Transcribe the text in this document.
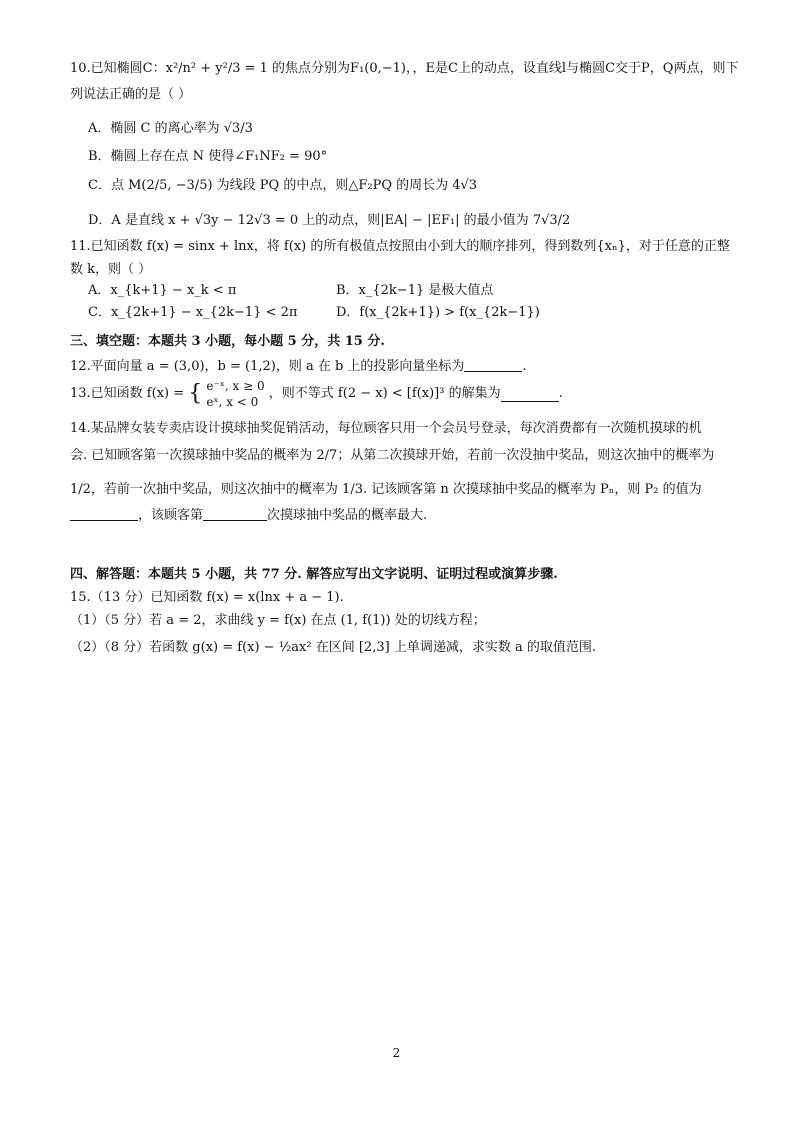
10.已知椭圆C：x²/n² + y²/3 = 1 的焦点分别为F₁(0,−1)，，E是C上的动点，设直线l与椭圆C交于P，Q两点，则下
列说法正确的是（ ）
A．椭圆 C 的离心率为 √3/3
B．椭圆上存在点 N 使得∠F₁NF₂ = 90°
C．点 M(2/5, −3/5) 为线段 PQ 的中点，则△F₂PQ 的周长为 4√3
D．A 是直线 x + √3y − 12√3 = 0 上的动点，则|EA| − |EF₁| 的最小值为 7√3/2
11.已知函数 f(x) = sinx + lnx，将 f(x) 的所有极值点按照由小到大的顺序排列，得到数列{xₙ}，对于任意的正整
数 k，则（ ）
A．x_{k+1} − x_k < π	B．x_{2k−1} 是极大值点
C．x_{2k+1} − x_{2k−1} < 2π	D．f(x_{2k+1}) > f(x_{2k−1})
三、填空题：本题共 3 小题，每小题 5 分，共 15 分.
12.平面向量 a = (3,0)，b = (1,2)，则 a 在 b 上的投影向量坐标为	.
13.已知函数 f(x) = { e⁻ˣ, x ≥ 0
eˣ, x < 0
，则不等式 f(2 − x) < [f(x)]³ 的解集为	.
14.某品牌女装专卖店设计摸球抽奖促销活动，每位顾客只用一个会员号登录，每次消费都有一次随机摸球的机
会. 已知顾客第一次摸球抽中奖品的概率为 2/7；从第二次摸球开始，若前一次没抽中奖品，则这次抽中的概率为
1/2，若前一次抽中奖品，则这次抽中的概率为 1/3. 记该顾客第 n 次摸球抽中奖品的概率为 Pₙ，则 P₂ 的值为
，该顾客第	次摸球抽中奖品的概率最大.
四、解答题：本题共 5 小题，共 77 分. 解答应写出文字说明、证明过程或演算步骤.
15.（13 分）已知函数 f(x) = x(lnx + a − 1).
（1）（5 分）若 a = 2，求曲线 y = f(x) 在点 (1, f(1)) 处的切线方程；
（2）（8 分）若函数 g(x) = f(x) − ½ax² 在区间 [2,3] 上单调递减，求实数 a 的取值范围.
2
